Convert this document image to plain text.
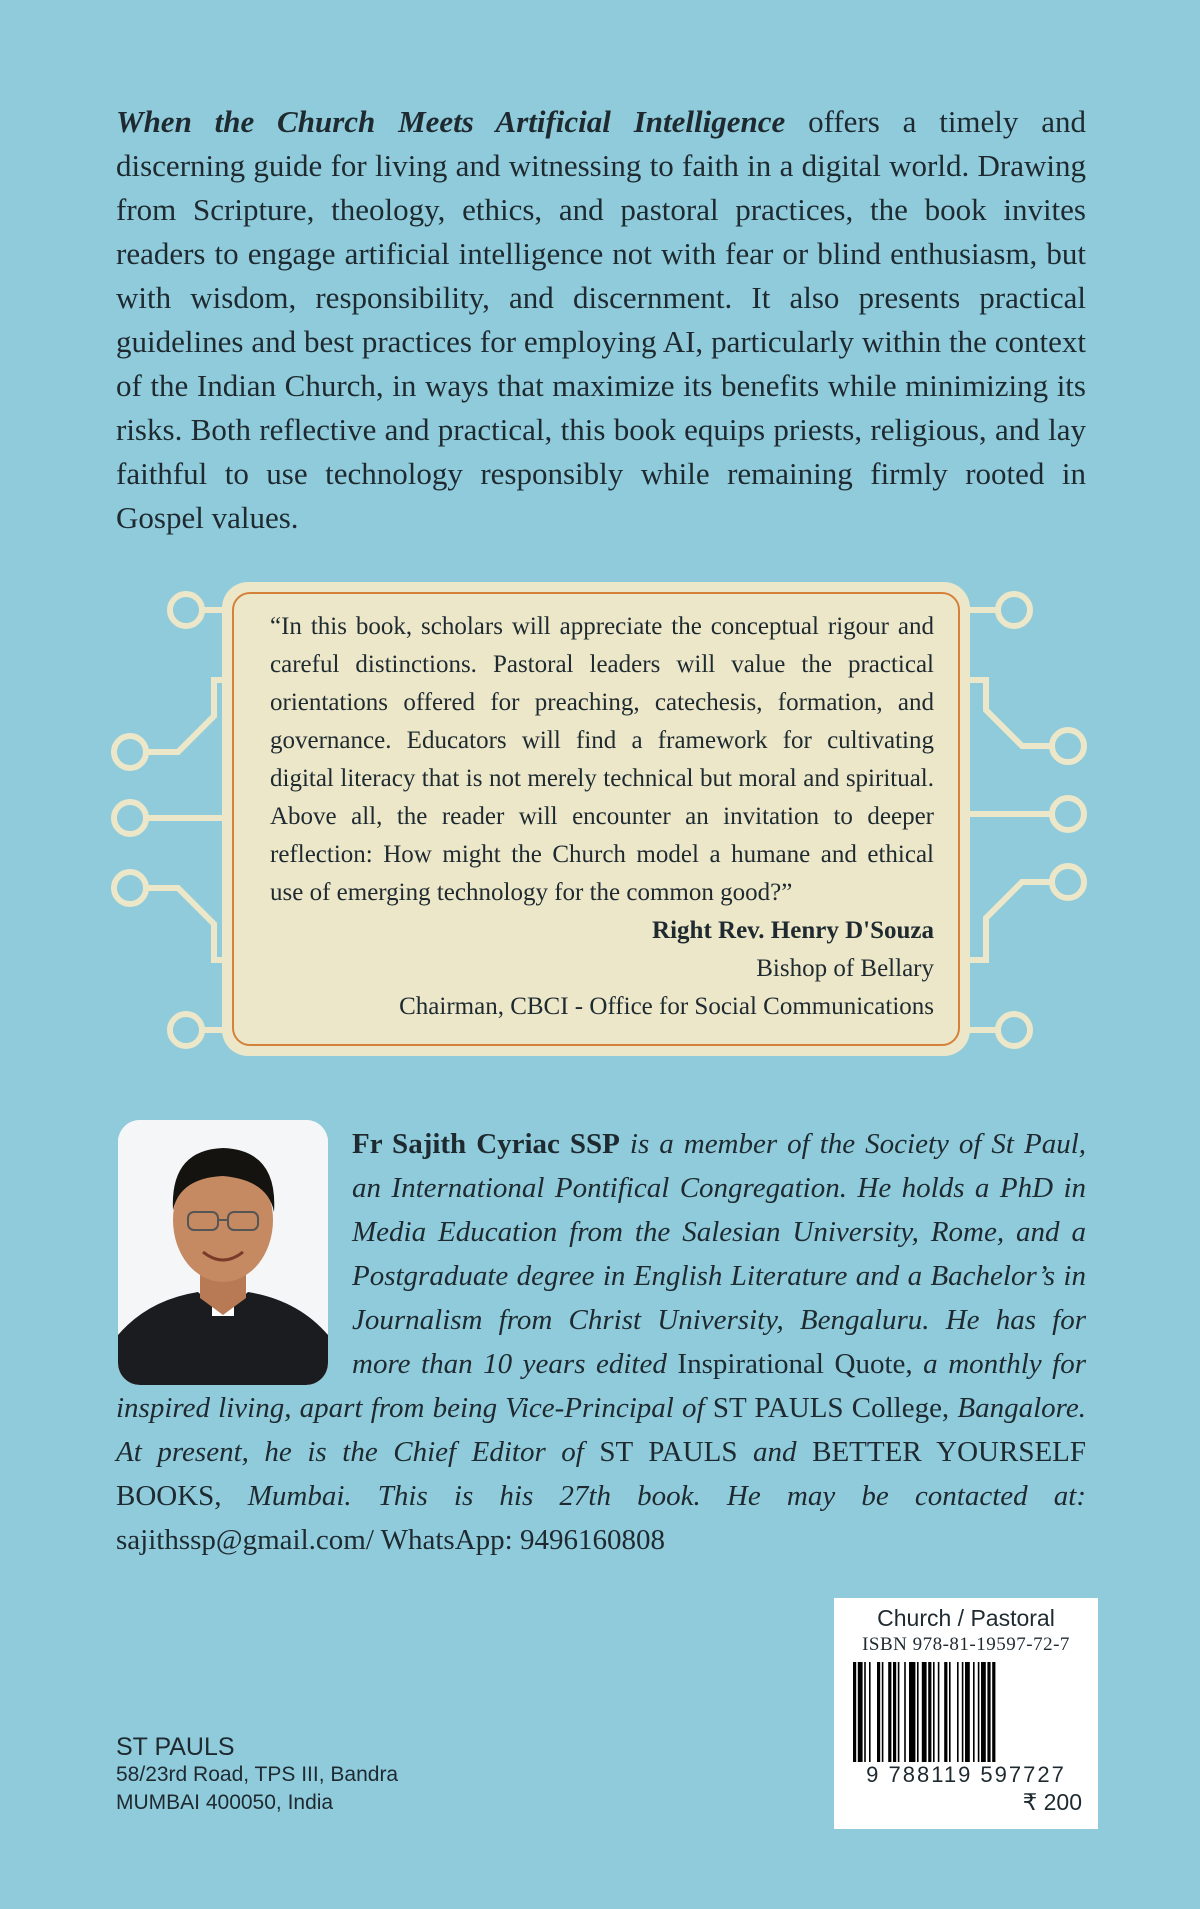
When the Church Meets Artificial Intelligence offers a timely and discerning guide for living and witnessing to faith in a digital world. Drawing from Scripture, theology, ethics, and pastoral practices, the book invites readers to engage artificial intelligence not with fear or blind enthusiasm, but with wisdom, responsibility, and discernment. It also presents practical guidelines and best practices for employing AI, particularly within the context of the Indian Church, in ways that maximize its benefits while minimizing its risks. Both reflective and practical, this book equips priests, religious, and lay faithful to use technology responsibly while remaining firmly rooted in Gospel values.
“In this book, scholars will appreciate the conceptual rigour and careful distinctions. Pastoral leaders will value the practical orientations offered for preaching, catechesis, formation, and governance. Educators will find a framework for cultivating digital literacy that is not merely technical but moral and spiritual. Above all, the reader will encounter an invitation to deeper reflection: How might the Church model a humane and ethical use of emerging technology for the common good?”
Right Rev. Henry D'Souza
Bishop of Bellary
Chairman, CBCI - Office for Social Communications
Fr Sajith Cyriac SSP is a member of the Society of St Paul, an International Pontifical Congregation. He holds a PhD in Media Education from the Salesian University, Rome, and a Postgraduate degree in English Literature and a Bachelor’s in Journalism from Christ University, Bengaluru. He has for more than 10 years edited Inspirational Quote, a monthly for inspired living, apart from being Vice-Principal of ST PAULS College, Bangalore. At present, he is the Chief Editor of ST PAULS and BETTER YOURSELF BOOKS, Mumbai. This is his 27th book. He may be contacted at: sajithssp@gmail.com/ WhatsApp: 9496160808
ST PAULS
58/23rd Road, TPS III, Bandra
MUMBAI 400050, India
Church / Pastoral
ISBN 978-81-19597-72-7
9 788119 597727
₹ 200
